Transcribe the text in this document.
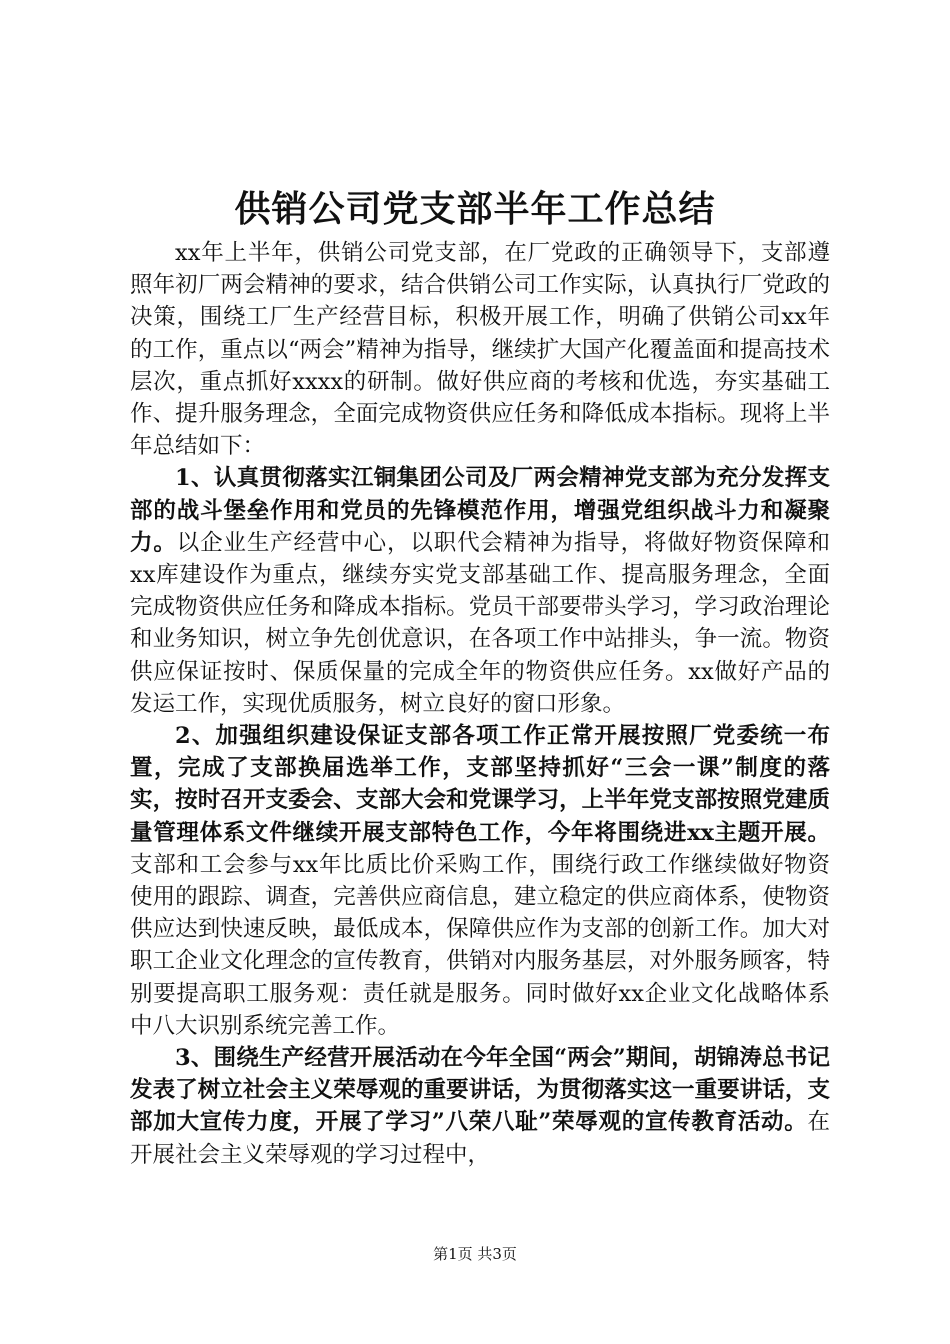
供销公司党支部半年工作总结

xx年上半年，供销公司党支部，在厂党政的正确领导下，支部遵照年初厂两会精神的要求，结合供销公司工作实际，认真执行厂党政的决策，围绕工厂生产经营目标，积极开展工作，明确了供销公司xx年的工作，重点以“两会”精神为指导，继续扩大国产化覆盖面和提高技术层次，重点抓好xxxx的研制。做好供应商的考核和优选，夯实基础工作、提升服务理念，全面完成物资供应任务和降低成本指标。现将上半年总结如下：

1、认真贯彻落实江铜集团公司及厂两会精神党支部为充分发挥支部的战斗堡垒作用和党员的先锋模范作用，增强党组织战斗力和凝聚力。以企业生产经营中心，以职代会精神为指导，将做好物资保障和xx库建设作为重点，继续夯实党支部基础工作、提高服务理念，全面完成物资供应任务和降成本指标。党员干部要带头学习，学习政治理论和业务知识，树立争先创优意识，在各项工作中站排头，争一流。物资供应保证按时、保质保量的完成全年的物资供应任务。xx做好产品的发运工作，实现优质服务，树立良好的窗口形象。

2、加强组织建设保证支部各项工作正常开展按照厂党委统一布置，完成了支部换届选举工作，支部坚持抓好“三会一课”制度的落实，按时召开支委会、支部大会和党课学习，上半年党支部按照党建质量管理体系文件继续开展支部特色工作，今年将围绕进xx主题开展。支部和工会参与xx年比质比价采购工作，围绕行政工作继续做好物资使用的跟踪、调查，完善供应商信息，建立稳定的供应商体系，使物资供应达到快速反映，最低成本，保障供应作为支部的创新工作。加大对职工企业文化理念的宣传教育，供销对内服务基层，对外服务顾客，特别要提高职工服务观：责任就是服务。同时做好xx企业文化战略体系中八大识别系统完善工作。

3、围绕生产经营开展活动在今年全国“两会”期间，胡锦涛总书记发表了树立社会主义荣辱观的重要讲话，为贯彻落实这一重要讲话，支部加大宣传力度，开展了学习”八荣八耻”荣辱观的宣传教育活动。在开展社会主义荣辱观的学习过程中，

第1页 共3页
